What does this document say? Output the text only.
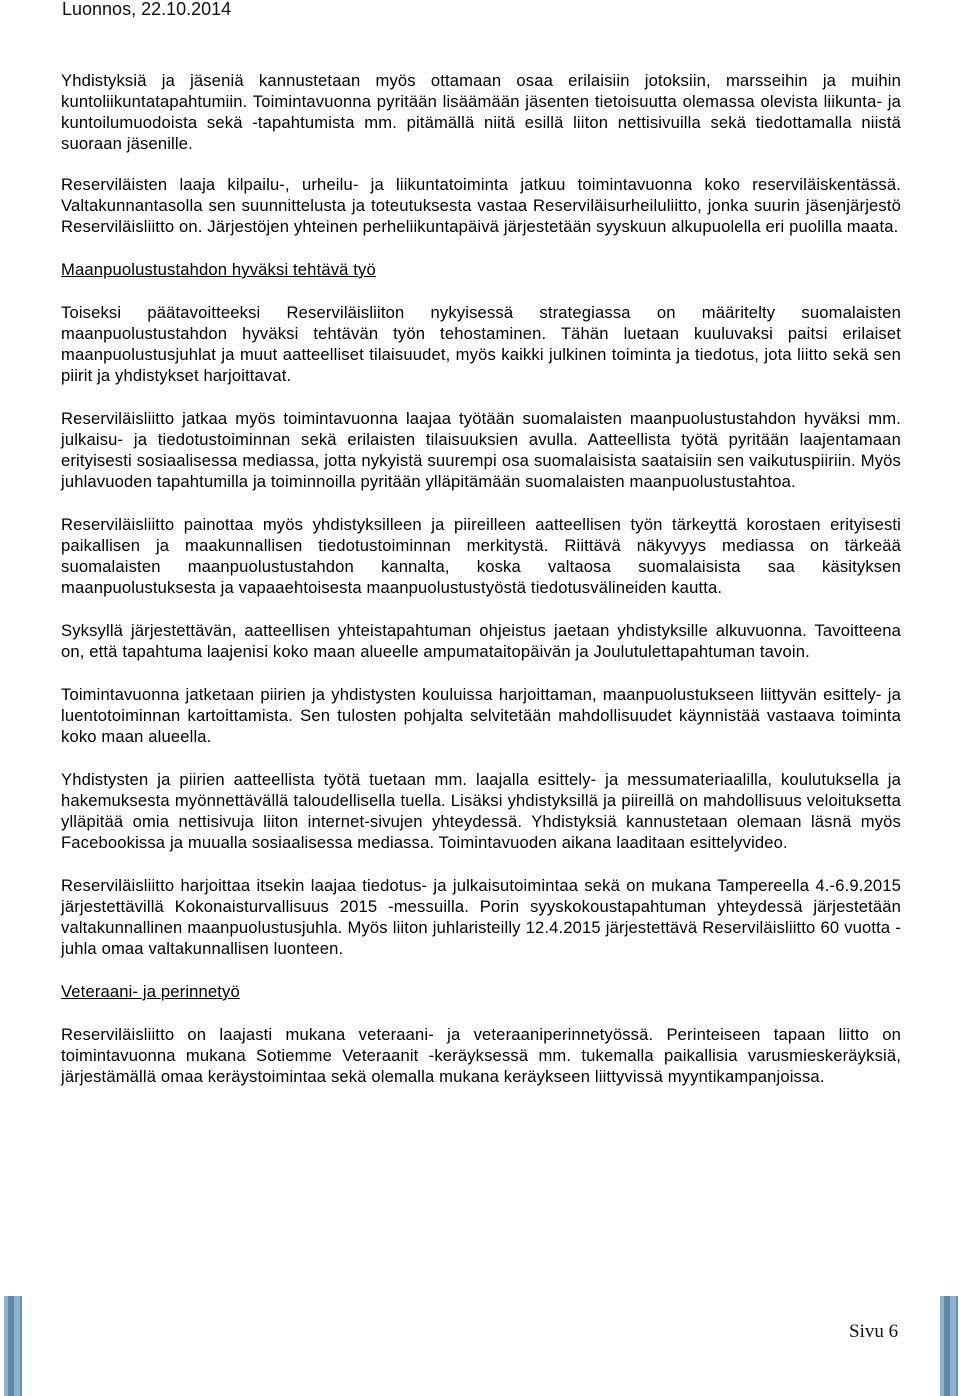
Luonnos, 22.10.2014

Yhdistyksiä ja jäseniä kannustetaan myös ottamaan osaa erilaisiin jotoksiin, marsseihin ja muihin kuntoliikuntatapahtumiin. Toimintavuonna pyritään lisäämään jäsenten tietoisuutta olemassa olevista liikunta- ja kuntoilumuodoista sekä -tapahtumista mm. pitämällä niitä esillä liiton nettisivuilla sekä tiedottamalla niistä suoraan jäsenille.

Reserviläisten laaja kilpailu-, urheilu- ja liikuntatoiminta jatkuu toimintavuonna koko reserviläiskentässä. Valtakunnantasolla sen suunnittelusta ja toteutuksesta vastaa Reserviläisurheiluliitto, jonka suurin jäsenjärjestö Reserviläisliitto on. Järjestöjen yhteinen perheliikuntapäivä järjestetään syyskuun alkupuolella eri puolilla maata.

Maanpuolustustahdon hyväksi tehtävä työ

Toiseksi päätavoitteeksi Reserviläisliiton nykyisessä strategiassa on määritelty suomalaisten maanpuolustustahdon hyväksi tehtävän työn tehostaminen. Tähän luetaan kuuluvaksi paitsi erilaiset maanpuolustusjuhlat ja muut aatteelliset tilaisuudet, myös kaikki julkinen toiminta ja tiedotus, jota liitto sekä sen piirit ja yhdistykset harjoittavat.

Reserviläisliitto jatkaa myös toimintavuonna laajaa työtään suomalaisten maanpuolustustahdon hyväksi mm. julkaisu- ja tiedotustoiminnan sekä erilaisten tilaisuuksien avulla. Aatteellista työtä pyritään laajentamaan erityisesti sosiaalisessa mediassa, jotta nykyistä suurempi osa suomalaisista saataisiin sen vaikutuspiiriin. Myös juhlavuoden tapahtumilla ja toiminnoilla pyritään ylläpitämään suomalaisten maanpuolustustahtoa.

Reserviläisliitto painottaa myös yhdistyksilleen ja piireilleen aatteellisen työn tärkeyttä korostaen erityisesti paikallisen ja maakunnallisen tiedotustoiminnan merkitystä. Riittävä näkyvyys mediassa on tärkeää suomalaisten maanpuolustustahdon kannalta, koska valtaosa suomalaisista saa käsityksen maanpuolustuksesta ja vapaaehtoisesta maanpuolustustyöstä tiedotusvälineiden kautta.

Syksyllä järjestettävän, aatteellisen yhteistapahtuman ohjeistus jaetaan yhdistyksille alkuvuonna. Tavoitteena on, että tapahtuma laajenisi koko maan alueelle ampumataitopäivän ja Joulutulettapahtuman tavoin.

Toimintavuonna jatketaan piirien ja yhdistysten kouluissa harjoittaman, maanpuolustukseen liittyvän esittely- ja luentotoiminnan kartoittamista. Sen tulosten pohjalta selvitetään mahdollisuudet käynnistää vastaava toiminta koko maan alueella.

Yhdistysten ja piirien aatteellista työtä tuetaan mm. laajalla esittely- ja messumateriaalilla, koulutuksella ja hakemuksesta myönnettävällä taloudellisella tuella. Lisäksi yhdistyksillä ja piireillä on mahdollisuus veloituksetta ylläpitää omia nettisivuja liiton internet-sivujen yhteydessä. Yhdistyksiä kannustetaan olemaan läsnä myös Facebookissa ja muualla sosiaalisessa mediassa. Toimintavuoden aikana laaditaan esittelyvideo.

Reserviläisliitto harjoittaa itsekin laajaa tiedotus- ja julkaisutoimintaa sekä on mukana Tampereella 4.-6.9.2015 järjestettävillä Kokonaisturvallisuus 2015 -messuilla. Porin syyskokoustapahtuman yhteydessä järjestetään valtakunnallinen maanpuolustusjuhla. Myös liiton juhlaristeilly 12.4.2015 järjestettävä Reserviläisliitto 60 vuotta -juhla omaa valtakunnallisen luonteen.

Veteraani- ja perinnetyö

Reserviläisliitto on laajasti mukana veteraani- ja veteraaniperinnetyössä. Perinteiseen tapaan liitto on toimintavuonna mukana Sotiemme Veteraanit -keräyksessä mm. tukemalla paikallisia varusmieskeräyksiä, järjestämällä omaa keräystoimintaa sekä olemalla mukana keräykseen liittyvissä myyntikampanjoissa.

Sivu 6
